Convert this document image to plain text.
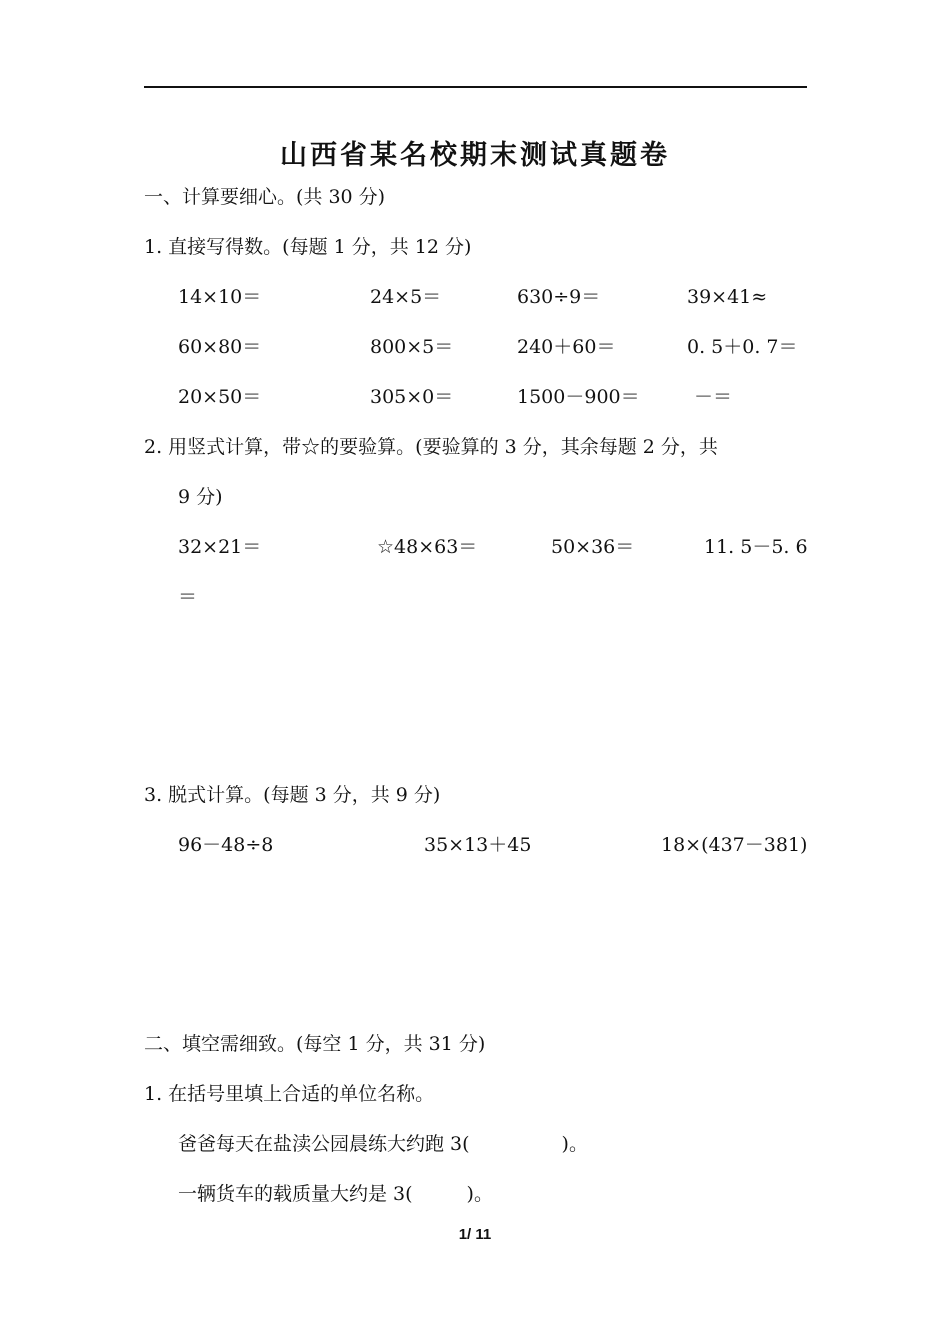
山西省某名校期末测试真题卷
一、计算要细心。(共 30 分)
1. 直接写得数。(每题 1 分，共 12 分)
14×10＝	24×5＝	630÷9＝	39×41≈
60×80＝	800×5＝	240＋60＝	0. 5＋0. 7＝
20×50＝	305×0＝	1500－900＝	－＝
2. 用竖式计算，带☆的要验算。(要验算的 3 分，其余每题 2 分，共
9 分)
32×21＝	☆48×63＝	50×36＝	11. 5－5. 6
＝
3. 脱式计算。(每题 3 分，共 9 分)
96－48÷8	35×13＋45	18×(437－381)
二、填空需细致。(每空 1 分，共 31 分)
1. 在括号里填上合适的单位名称。
爸爸每天在盐渎公园晨练大约跑 3(	)。
一辆货车的载质量大约是 3(	)。
1/ 11
